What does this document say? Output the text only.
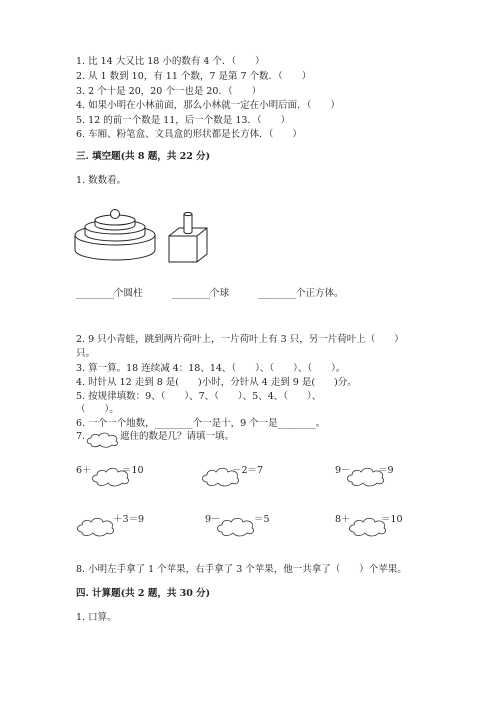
1. 比 14 大又比 18 小的数有 4 个．（　　）
2. 从 1 数到 10，有 11 个数，7 是第 7 个数．（　　）
3. 2 个十是 20，20 个一也是 20．（　　）
4. 如果小明在小林前面，那么小林就一定在小明后面．（　　）
5. 12 的前一个数是 11，后一个数是 13．（　　）
6. 车厢、粉笔盒、文具盒的形状都是长方体．（　　）
三. 填空题(共 8 题，共 22 分)
1. 数数看。
________个圆柱	________个球	________个正方体。
2. 9 只小青蛙，跳到两片荷叶上，一片荷叶上有 3 只，另一片荷叶上（　　）
只。
3. 算一算。18 连续减 4：18、14、（　　）、（　　）、（　　）。
4. 时针从 12 走到 8 是(　　)小时，分针从 4 走到 9 是(　　)分。
5. 按规律填数：9、（　　）、7、（　　）、5、4、（　　）、
（　　）。
6. 一个一个地数，________个一是十，9 个一是________。
7.	遮住的数是几？请填一填。
6＋	＝10	－2＝7	9－	＝9
＋3＝9	9－	＝5	8＋	＝10
8. 小明左手拿了 1 个苹果，右手拿了 3 个苹果，他一共拿了（　　）个苹果。
四. 计算题(共 2 题，共 30 分)
1. 口算。
